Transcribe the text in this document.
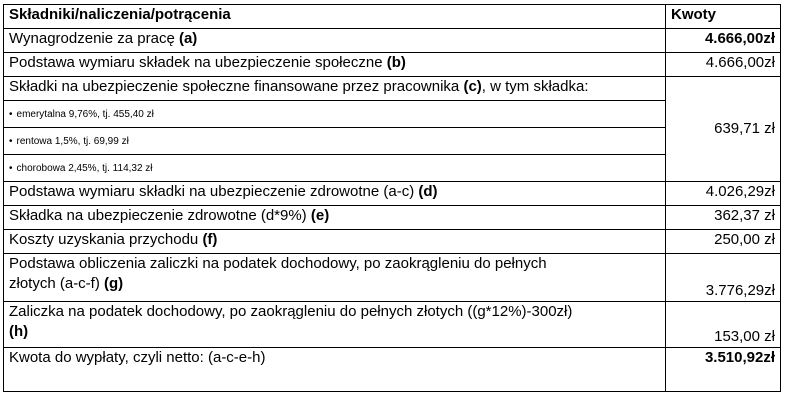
Składniki/naliczenia/potrącenia	Kwoty
Wynagrodzenie za pracę (a)	4.666,00zł
Podstawa wymiaru składek na ubezpieczenie społeczne (b)	4.666,00zł
Składki na ubezpieczenie społeczne finansowane przez pracownika (c), w tym składka:	639,71 zł
• emerytalna 9,76%, tj. 455,40 zł	
• rentowa 1,5%, tj. 69,99 zł	
• chorobowa 2,45%, tj. 114,32 zł	
Podstawa wymiaru składki na ubezpieczenie zdrowotne (a-c) (d)	4.026,29zł
Składka na ubezpieczenie zdrowotne (d*9%) (e)	362,37 zł
Koszty uzyskania przychodu (f)	250,00 zł
Podstawa obliczenia zaliczki na podatek dochodowy, po zaokrągleniu do pełnych
złotych (a-c-f) (g)	3.776,29zł
Zaliczka na podatek dochodowy, po zaokrągleniu do pełnych złotych ((g*12%)-300zł)
(h)	153,00 zł
Kwota do wypłaty, czyli netto: (a-c-e-h)	3.510,92zł
